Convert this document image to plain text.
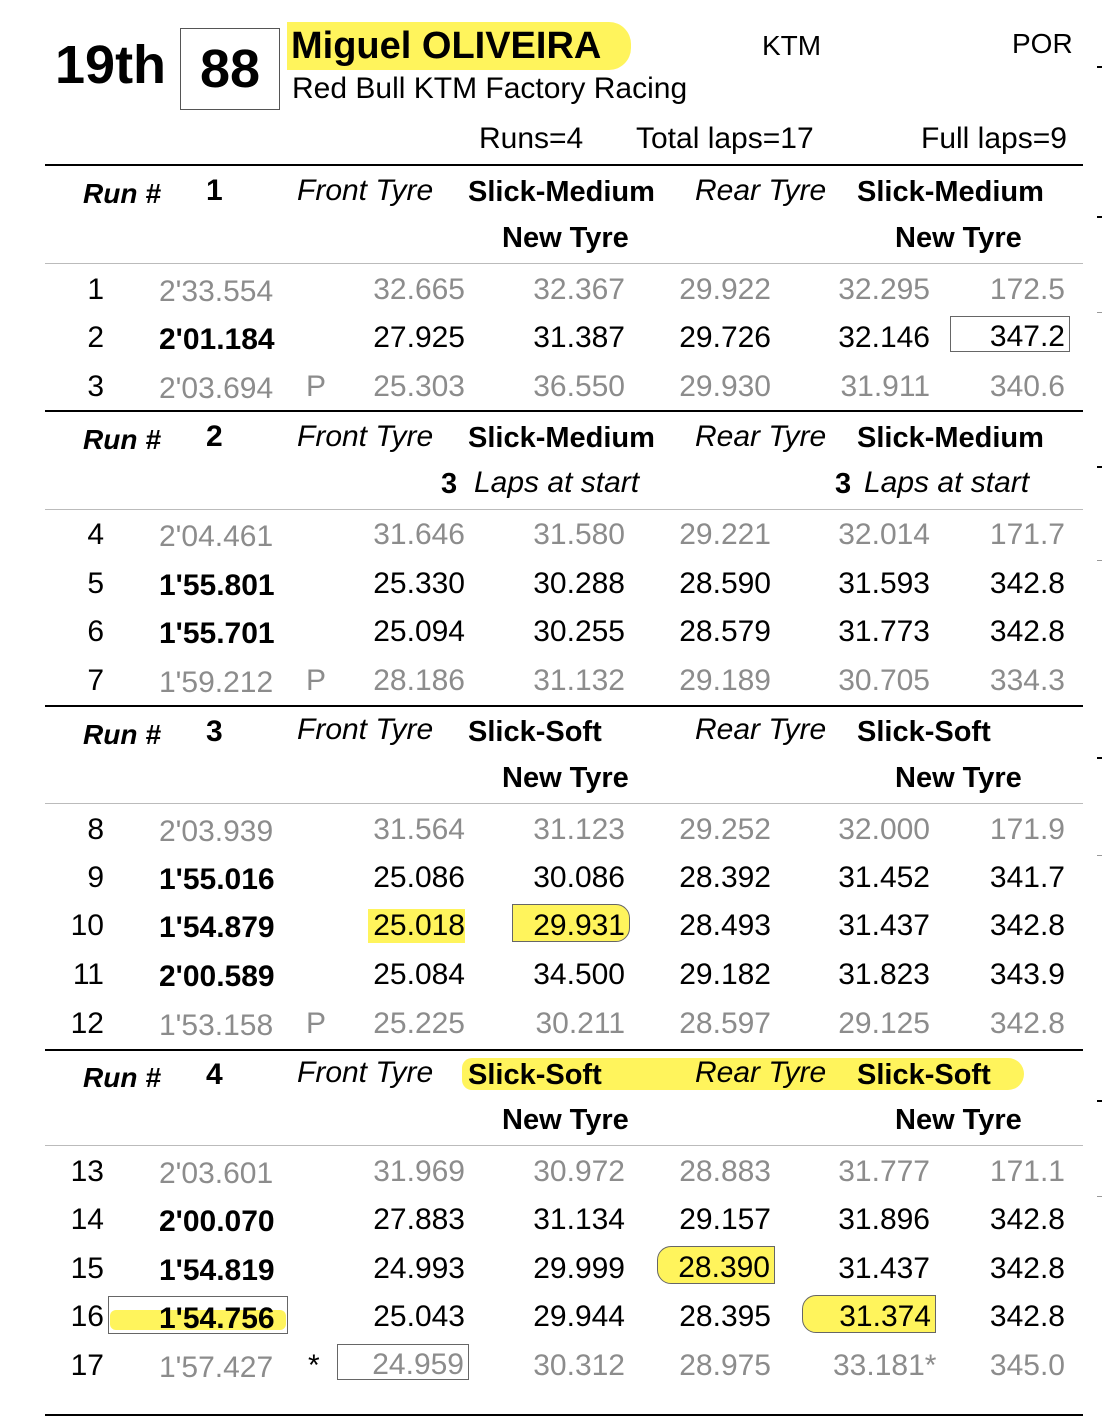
19th 88 Miguel OLIVEIRA
Red Bull KTM Factory Racing
KTM	POR
Runs=4 Total laps=17	Full laps=9
Run # 1 Front Tyre Slick-Medium Rear Tyre Slick-Medium
New Tyre	New Tyre
1 2'33.554	32.665	32.367	29.922	32.295	172.5
2 2'01.184	27.925	31.387	29.726	32.146	347.2
3 2'03.694 P	25.303	36.550	29.930	31.911	340.6
Run # 2 Front Tyre Slick-Medium Rear Tyre Slick-Medium
3 Laps at start	3 Laps at start
4 2'04.461	31.646	31.580	29.221	32.014	171.7
5 1'55.801	25.330	30.288	28.590	31.593	342.8
6 1'55.701	25.094	30.255	28.579	31.773	342.8
7 1'59.212 P	28.186	31.132	29.189	30.705	334.3
Run # 3 Front Tyre Slick-Soft	Rear Tyre Slick-Soft
New Tyre	New Tyre
8 2'03.939	31.564	31.123	29.252	32.000	171.9
9 1'55.016	25.086	30.086	28.392	31.452	341.7
10 1'54.879	25.018	29.931	28.493	31.437	342.8
11 2'00.589	25.084	34.500	29.182	31.823	343.9
12 1'53.158 P	25.225	30.211	28.597	29.125	342.8
Run # 4 Front Tyre Slick-Soft	Rear Tyre Slick-Soft
New Tyre	New Tyre
13 2'03.601	31.969	30.972	28.883	31.777	171.1
14 2'00.070	27.883	31.134	29.157	31.896	342.8
15 1'54.819	24.993	29.999	28.390	31.437	342.8
16 1'54.756	25.043	29.944	28.395	31.374	342.8
17 1'57.427 *	24.959	30.312	28.975 33.181*	345.0
